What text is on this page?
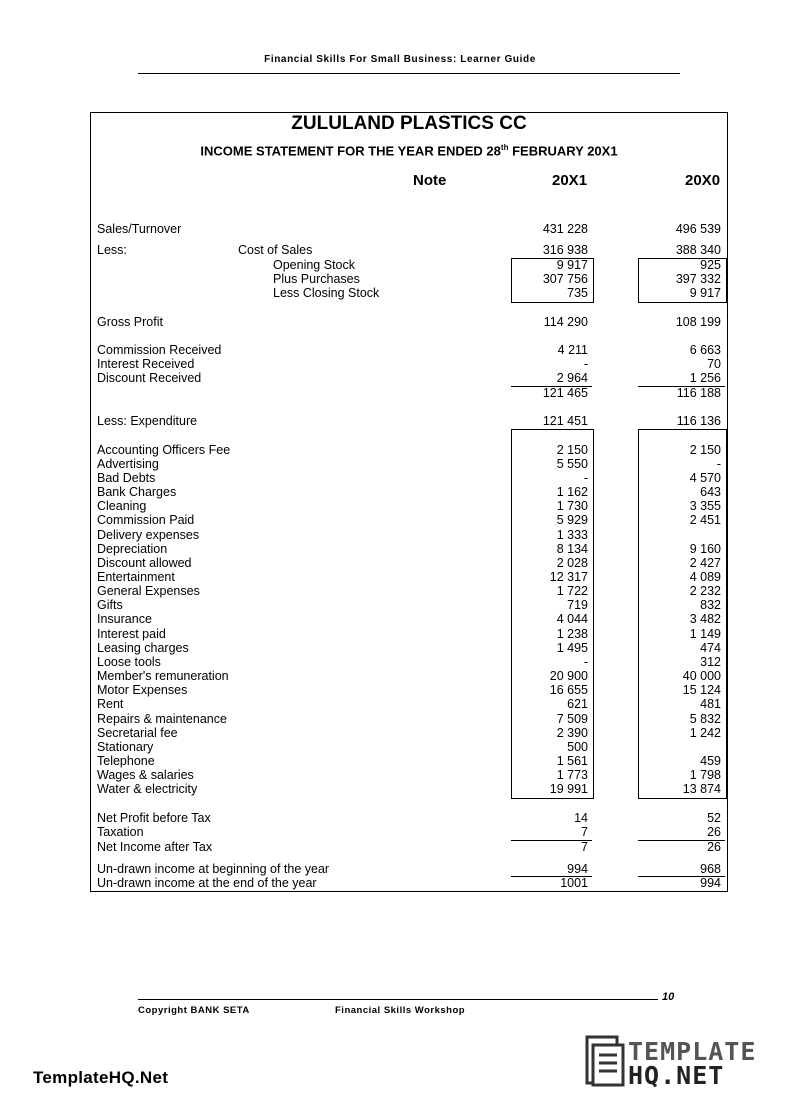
Financial Skills For Small Business: Learner Guide
ZULULAND PLASTICS CC
INCOME STATEMENT FOR THE YEAR ENDED 28th FEBRUARY 20X1
Note	20X1	20X0
Sales/Turnover	431 228	496 539
Less:	Cost of Sales	316 938	388 340
Opening Stock	9 917	925
Plus Purchases	307 756	397 332
Less Closing Stock	735	9 917
Gross Profit	114 290	108 199
Commission Received	4 211	6 663
Interest Received	-	70
Discount Received	2 964	1 256
121 465	116 188
Less: Expenditure	121 451	116 136
Accounting Officers Fee	2 150	2 150
Advertising	5 550	-
Bad Debts	-	4 570
Bank Charges	1 162	643
Cleaning	1 730	3 355
Commission Paid	5 929	2 451
Delivery expenses	1 333
Depreciation	8 134	9 160
Discount allowed	2 028	2 427
Entertainment	12 317	4 089
General Expenses	1 722	2 232
Gifts	719	832
Insurance	4 044	3 482
Interest paid	1 238	1 149
Leasing charges	1 495	474
Loose tools	-	312
Member's remuneration	20 900	40 000
Motor Expenses	16 655	15 124
Rent	621	481
Repairs & maintenance	7 509	5 832
Secretarial fee	2 390	1 242
Stationary	500
Telephone	1 561	459
Wages & salaries	1 773	1 798
Water & electricity	19 991	13 874
Net Profit before Tax	14	52
Taxation	7	26
Net Income after Tax	7	26
Un-drawn income at beginning of the year	994	968
Un-drawn income at the end of the year	1001	994
10
Copyright BANK SETA	Financial Skills Workshop
TemplateHQ.Net
TEMPLATE
HQ.NET
